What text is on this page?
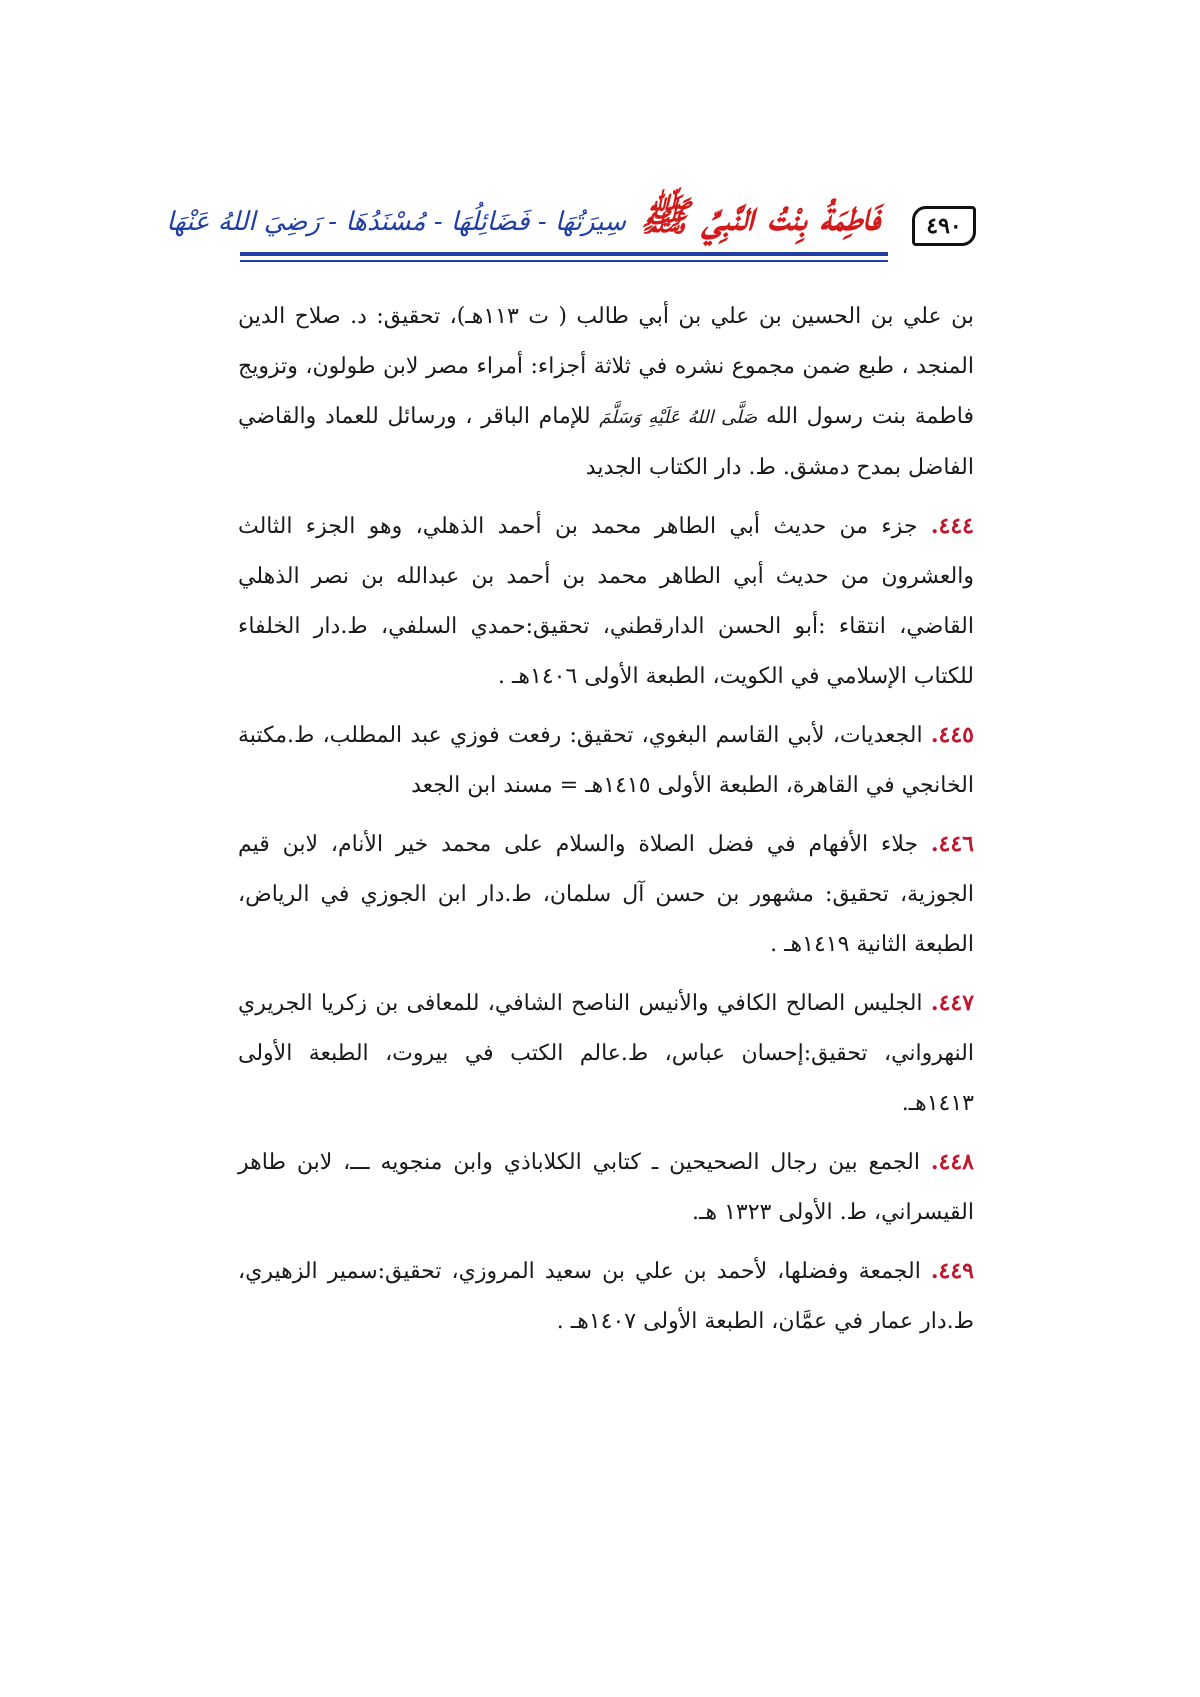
٤٩٠
فَاطِمَةُ بِنْتُ النَّبِيِّ ﷺ
سِيرَتُهَا - فَضَائِلُهَا - مُسْنَدُهَا - رَضِيَ اللهُ عَنْهَا

بن علي بن الحسين بن علي بن أبي طالب ( ت ١١٣هـ)، تحقيق: د. صلاح الدين المنجد ، طبع ضمن مجموع نشره في ثلاثة أجزاء: أمراء مصر لابن طولون، وتزويج فاطمة بنت رسول الله صَلَّى اللهُ عَلَيْهِ وَسَلَّمَ للإمام الباقر ، ورسائل للعماد والقاضي الفاضل بمدح دمشق. ط. دار الكتاب الجديد

٤٤٤. جزء من حديث أبي الطاهر محمد بن أحمد الذهلي، وهو الجزء الثالث والعشرون من حديث أبي الطاهر محمد بن أحمد بن عبدالله بن نصر الذهلي القاضي، انتقاء :أبو الحسن الدارقطني، تحقيق:حمدي السلفي، ط.دار الخلفاء للكتاب الإسلامي في الكويت، الطبعة الأولى ١٤٠٦هـ .

٤٤٥. الجعديات، لأبي القاسم البغوي، تحقيق: رفعت فوزي عبد المطلب، ط.مكتبة الخانجي في القاهرة، الطبعة الأولى ١٤١٥هـ = مسند ابن الجعد

٤٤٦. جلاء الأفهام في فضل الصلاة والسلام على محمد خير الأنام، لابن قيم الجوزية، تحقيق: مشهور بن حسن آل سلمان، ط.دار ابن الجوزي في الرياض، الطبعة الثانية ١٤١٩هـ .

٤٤٧. الجليس الصالح الكافي والأنيس الناصح الشافي، للمعافى بن زكريا الجريري النهرواني، تحقيق:إحسان عباس، ط.عالم الكتب في بيروت، الطبعة الأولى ١٤١٣هـ.

٤٤٨. الجمع بين رجال الصحيحين ـ كتابي الكلاباذي وابن منجويه ـــ، لابن طاهر القيسراني، ط. الأولى ١٣٢٣ هـ.

٤٤٩. الجمعة وفضلها، لأحمد بن علي بن سعيد المروزي، تحقيق:سمير الزهيري، ط.دار عمار في عمَّان، الطبعة الأولى ١٤٠٧هـ .
